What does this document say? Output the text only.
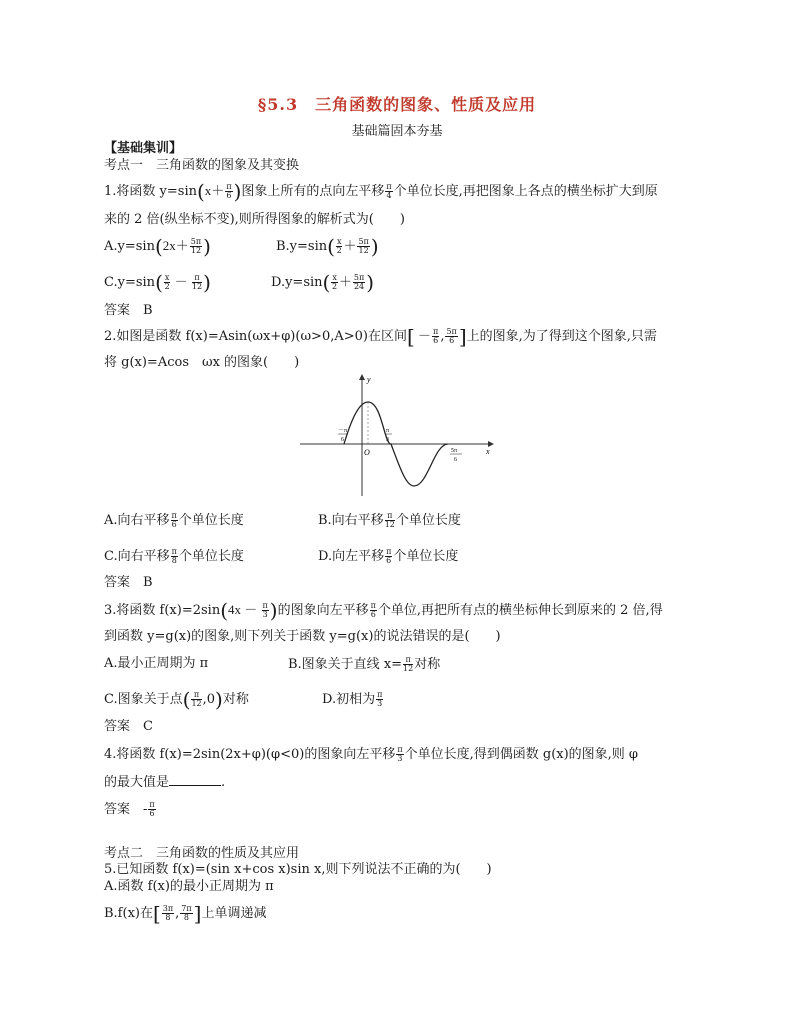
§5.3　三角函数的图象、性质及应用
基础篇固本夯基
【基础集训】
考点一　三角函数的图象及其变换
1.将函数 $y=\sin(x+ \frac{\pi}{6}$ )图象上所有的点向左平移 $\frac{\pi}{4}$ 个单位长度,再把图象上各点的横坐标扩大到原
来的 2 倍(纵坐标不变),则所得图象的解析式为(　　)
$A.y=\sin(2x+ \frac{5\pi}{12}$ )	$B.y=\sin( \frac{x}{2} + \frac{5\pi}{12}$ )
$C.y=\sin( \frac{x}{2} - \frac{\pi}{12}$ )	$D.y=\sin( \frac{x}{2} + \frac{5\pi}{24}$ )
答案　B
2.如图是函数 f(x)=Asin(ωx+φ)(ω>0,A>0)在区间[ － $\frac{\pi}{6}$ , $\frac{5\pi}{6}$ ]上的图象,为了得到这个图象,只需
将 g(x)=Acos　ωx 的图象(　　)
y
x
O
－π
6
π
3
5π
6
A.向右平移 $\frac{\pi}{6}$ 个单位长度	B.向右平移 $\frac{\pi}{12}$ 个单位长度
C.向右平移 $\frac{\pi}{8}$ 个单位长度	D.向左平移 $\frac{\pi}{6}$ 个单位长度
答案　B
3.将函数 $f(x)=2\sin(4x - \frac{\pi}{3}$ )的图象向左平移 $\frac{\pi}{6}$ 个单位,再把所有点的横坐标伸长到原来的 2 倍,得
到函数 y=g(x)的图象,则下列关于函数 y=g(x)的说法错误的是(　　)
A.最小正周期为 π	B.图象关于直线 $x= \frac{\pi}{12}$ 对称
C.图象关于点( $\frac{\pi}{12} ,0$)对称	D.初相为 $\frac{\pi}{3}$
答案　C
4.将函数 f(x)=2sin(2x+φ)(φ<0)的图象向左平移 $\frac{\pi}{3}$ 个单位长度,得到偶函数 g(x)的图象,则 φ
的最大值是	.
答案　- $\frac{\pi}{6}$
考点二　三角函数的性质及其应用
5.已知函数 f(x)=(sin x+cos x)sin x,则下列说法不正确的为(　　)
A.函数 f(x)的最小正周期为 π
B.f(x)在[ $\frac{3\pi}{8}$ , $\frac{7\pi}{8}$ ]上单调递减
